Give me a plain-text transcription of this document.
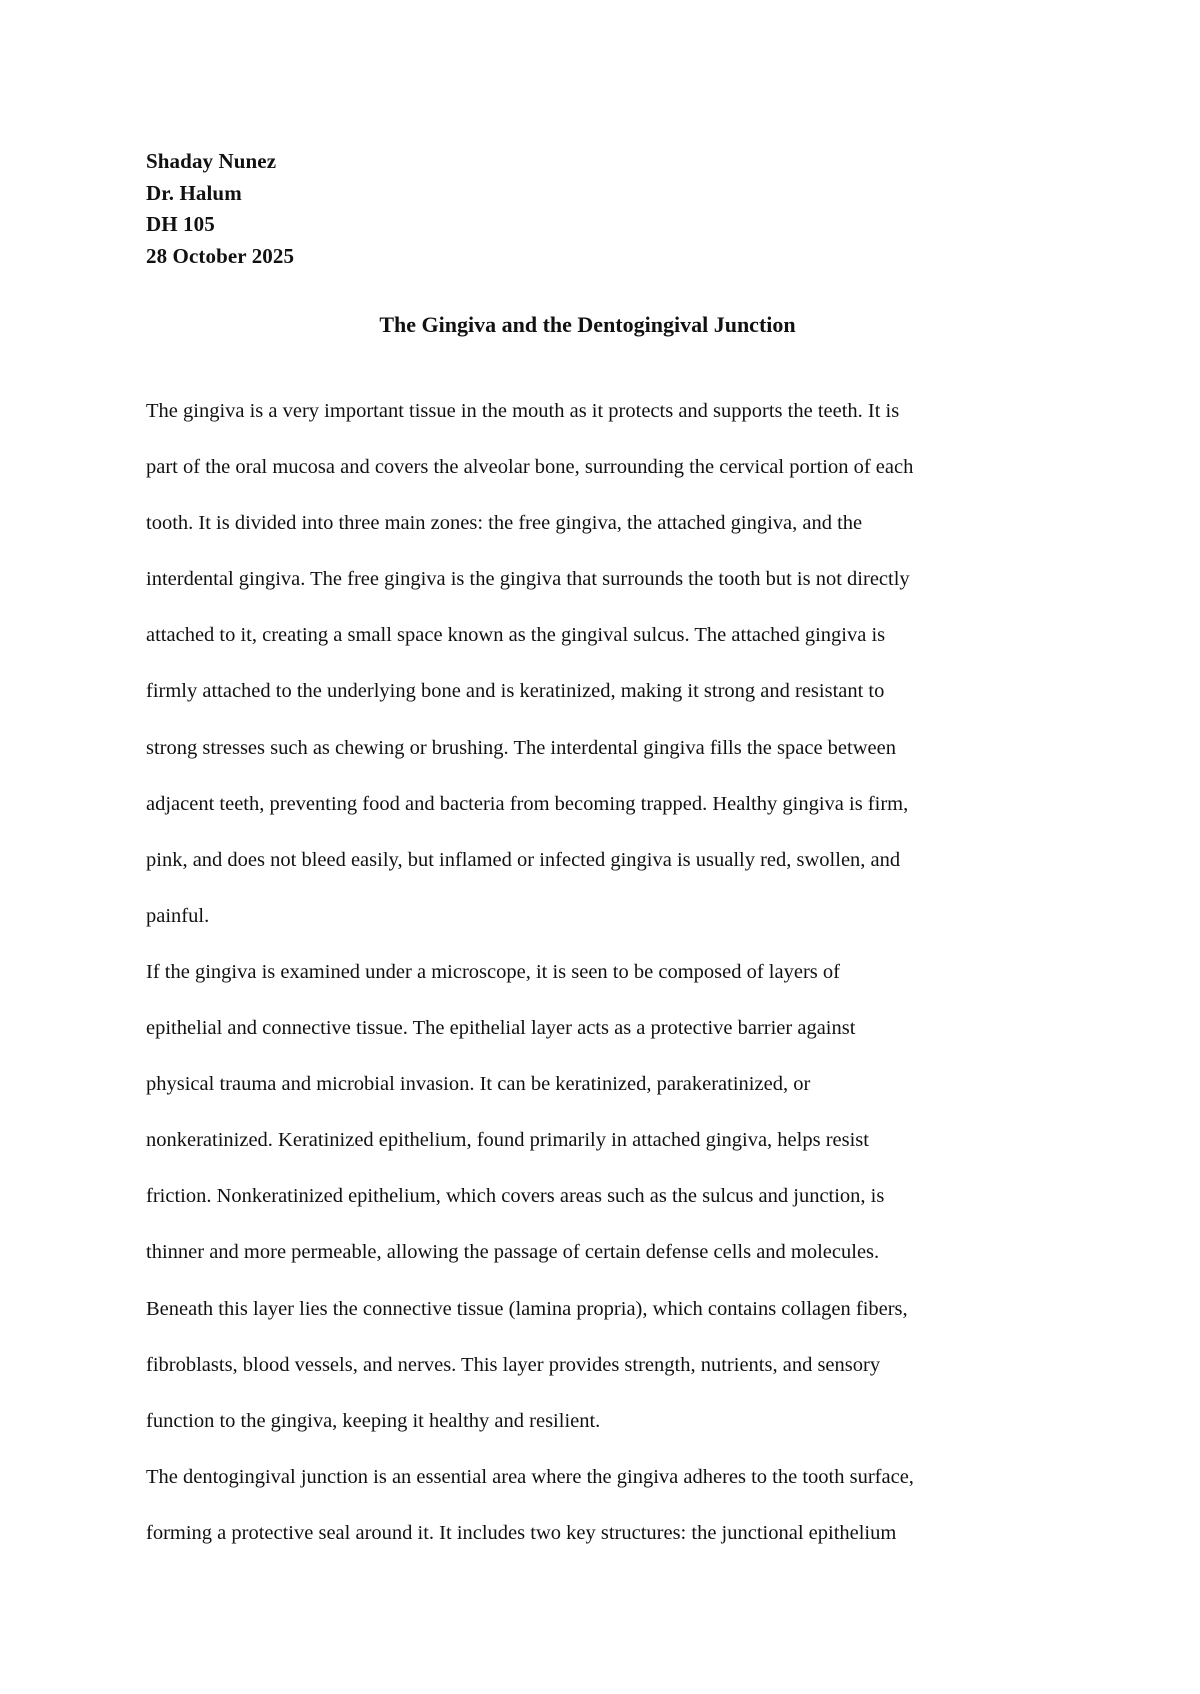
Shaday Nunez
Dr. Halum
DH 105
28 October 2025
The Gingiva and the Dentogingival Junction
The gingiva is a very important tissue in the mouth as it protects and supports the teeth. It is
part of the oral mucosa and covers the alveolar bone, surrounding the cervical portion of each
tooth. It is divided into three main zones: the free gingiva, the attached gingiva, and the
interdental gingiva. The free gingiva is the gingiva that surrounds the tooth but is not directly
attached to it, creating a small space known as the gingival sulcus. The attached gingiva is
firmly attached to the underlying bone and is keratinized, making it strong and resistant to
strong stresses such as chewing or brushing. The interdental gingiva fills the space between
adjacent teeth, preventing food and bacteria from becoming trapped. Healthy gingiva is firm,
pink, and does not bleed easily, but inflamed or infected gingiva is usually red, swollen, and
painful.
If the gingiva is examined under a microscope, it is seen to be composed of layers of
epithelial and connective tissue. The epithelial layer acts as a protective barrier against
physical trauma and microbial invasion. It can be keratinized, parakeratinized, or
nonkeratinized. Keratinized epithelium, found primarily in attached gingiva, helps resist
friction. Nonkeratinized epithelium, which covers areas such as the sulcus and junction, is
thinner and more permeable, allowing the passage of certain defense cells and molecules.
Beneath this layer lies the connective tissue (lamina propria), which contains collagen fibers,
fibroblasts, blood vessels, and nerves. This layer provides strength, nutrients, and sensory
function to the gingiva, keeping it healthy and resilient.
The dentogingival junction is an essential area where the gingiva adheres to the tooth surface,
forming a protective seal around it. It includes two key structures: the junctional epithelium
